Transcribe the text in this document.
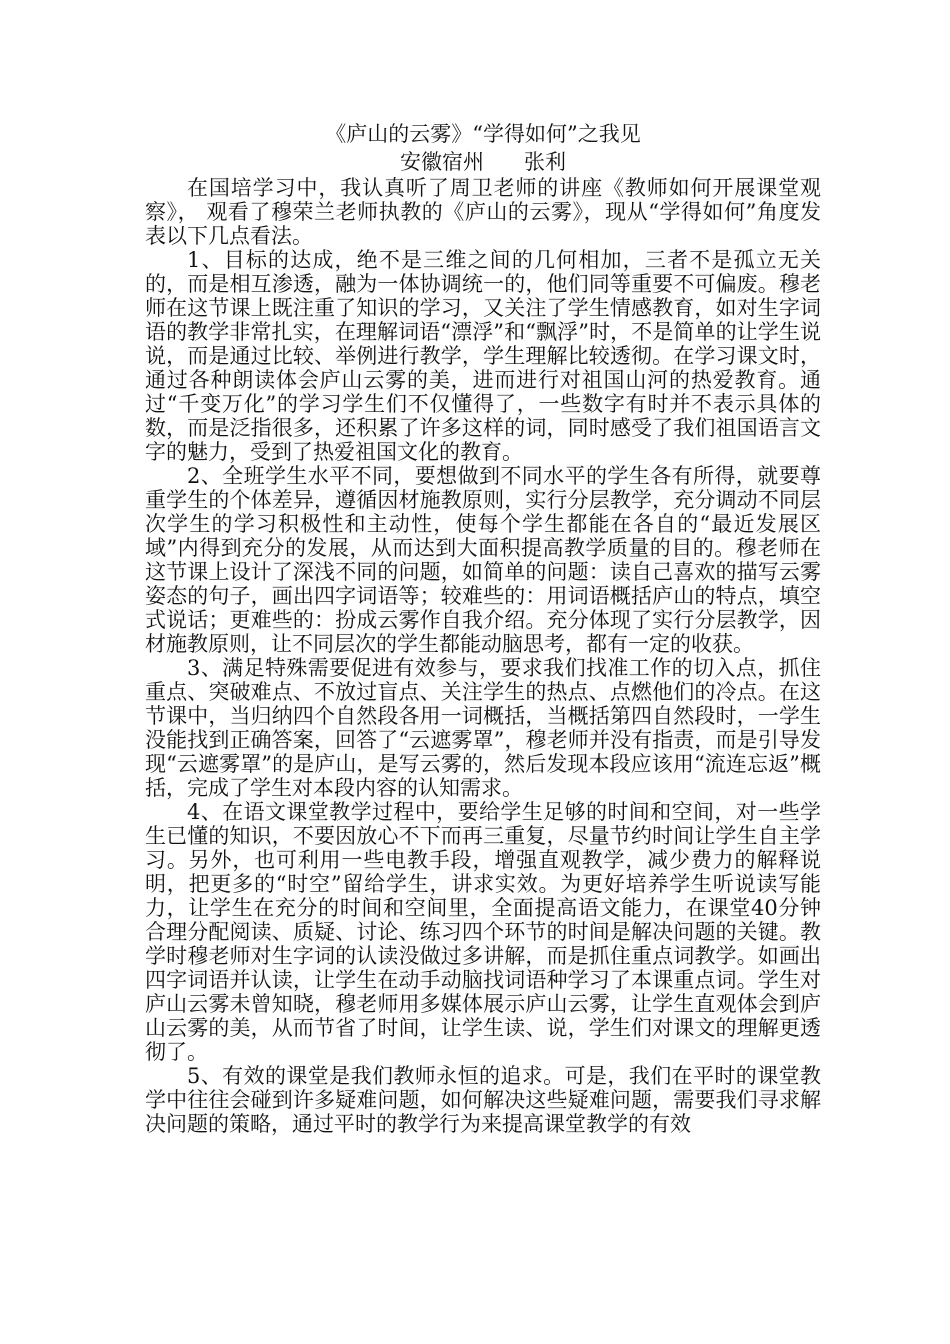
《庐山的云雾》“学得如何”之我见

安徽宿州      张利

在国培学习中，我认真听了周卫老师的讲座《教师如何开展课堂观察》， 观看了穆荣兰老师执教的《庐山的云雾》，现从“学得如何”角度发表以下几点看法。

1、目标的达成，绝不是三维之间的几何相加，三者不是孤立无关的，而是相互渗透，融为一体协调统一的，他们同等重要不可偏废。穆老师在这节课上既注重了知识的学习，又关注了学生情感教育，如对生字词语的教学非常扎实，在理解词语“漂浮”和“飘浮”时，不是简单的让学生说说，而是通过比较、举例进行教学，学生理解比较透彻。在学习课文时，通过各种朗读体会庐山云雾的美，进而进行对祖国山河的热爱教育。通过“千变万化”的学习学生们不仅懂得了，一些数字有时并不表示具体的数，而是泛指很多，还积累了许多这样的词，同时感受了我们祖国语言文字的魅力，受到了热爱祖国文化的教育。

2、全班学生水平不同，要想做到不同水平的学生各有所得，就要尊重学生的个体差异，遵循因材施教原则，实行分层教学，充分调动不同层次学生的学习积极性和主动性，使每个学生都能在各自的“最近发展区域”内得到充分的发展，从而达到大面积提高教学质量的目的。穆老师在这节课上设计了深浅不同的问题，如简单的问题：读自己喜欢的描写云雾姿态的句子，画出四字词语等；较难些的：用词语概括庐山的特点，填空式说话；更难些的：扮成云雾作自我介绍。充分体现了实行分层教学，因材施教原则，让不同层次的学生都能动脑思考，都有一定的收获。

3、满足特殊需要促进有效参与，要求我们找准工作的切入点，抓住重点、突破难点、不放过盲点、关注学生的热点、点燃他们的冷点。在这节课中，当归纳四个自然段各用一词概括，当概括第四自然段时，一学生没能找到正确答案，回答了“云遮雾罩”，穆老师并没有指责，而是引导发现“云遮雾罩”的是庐山，是写云雾的，然后发现本段应该用“流连忘返”概括，完成了学生对本段内容的认知需求。

4、在语文课堂教学过程中，要给学生足够的时间和空间，对一些学生已懂的知识，不要因放心不下而再三重复，尽量节约时间让学生自主学习。另外，也可利用一些电教手段，增强直观教学，减少费力的解释说明，把更多的“时空”留给学生，讲求实效。为更好培养学生听说读写能力，让学生在充分的时间和空间里，全面提高语文能力，在课堂40分钟合理分配阅读、质疑、讨论、练习四个环节的时间是解决问题的关键。教学时穆老师对生字词的认读没做过多讲解，而是抓住重点词教学。如画出四字词语并认读，让学生在动手动脑找词语种学习了本课重点词。学生对庐山云雾未曾知晓，穆老师用多媒体展示庐山云雾，让学生直观体会到庐山云雾的美，从而节省了时间，让学生读、说，学生们对课文的理解更透彻了。

5、有效的课堂是我们教师永恒的追求。可是，我们在平时的课堂教学中往往会碰到许多疑难问题，如何解决这些疑难问题，需要我们寻求解决问题的策略，通过平时的教学行为来提高课堂教学的有效
